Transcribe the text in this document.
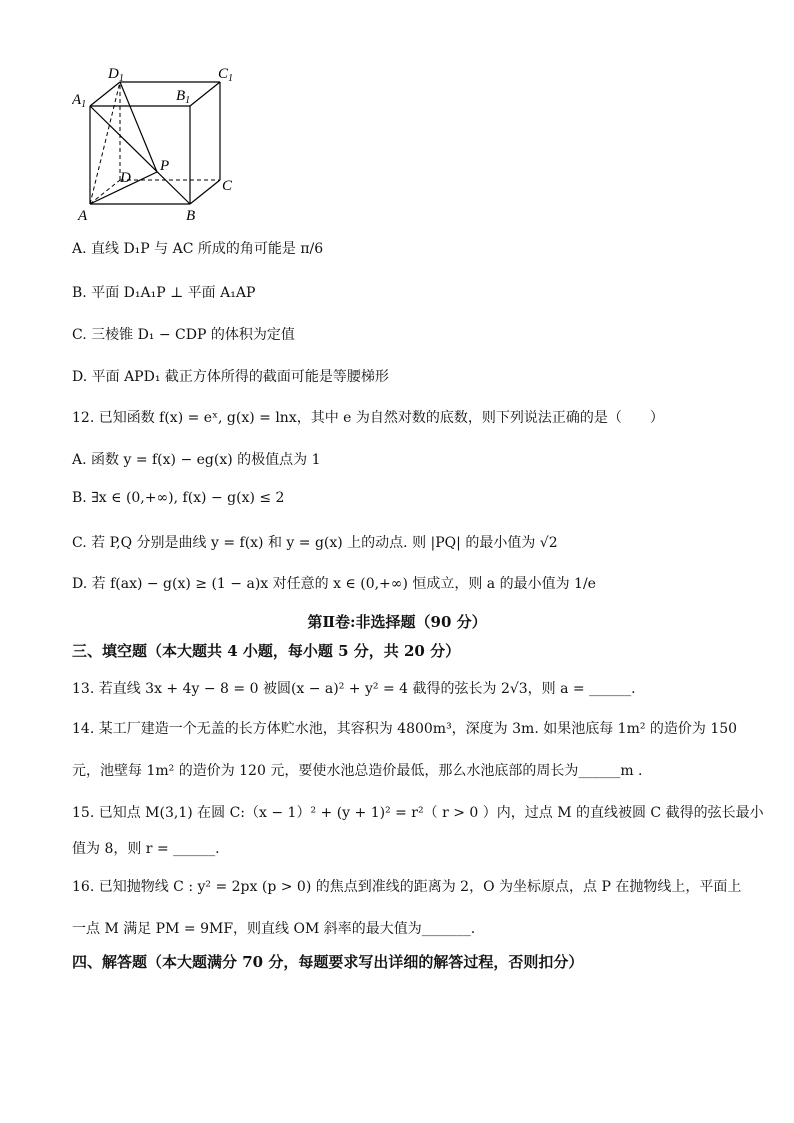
$D_1$	$C_1$
$A_1$
$B_1$
P
D	C
A	B
A. 直线 D₁P 与 AC 所成的角可能是 π/6
B. 平面 D₁A₁P ⊥ 平面 A₁AP
C. 三棱锥 D₁ − CDP 的体积为定值
D. 平面 APD₁ 截正方体所得的截面可能是等腰梯形
12. 已知函数 f(x) = eˣ, g(x) = lnx，其中 e 为自然对数的底数，则下列说法正确的是（　　）
A. 函数 y = f(x) − eg(x) 的极值点为 1
B. ∃x ∈ (0,+∞), f(x) − g(x) ≤ 2
C. 若 P,Q 分别是曲线 y = f(x) 和 y = g(x) 上的动点. 则 |PQ| 的最小值为 √2
D. 若 f(ax) − g(x) ≥ (1 − a)x 对任意的 x ∈ (0,+∞) 恒成立，则 a 的最小值为 1/e
第Ⅱ卷:非选择题（90 分）
三、填空题（本大题共 4 小题，每小题 5 分，共 20 分）
13. 若直线 3x + 4y − 8 = 0 被圆(x − a)² + y² = 4 截得的弦长为 2√3，则 a = ______.
14. 某工厂建造一个无盖的长方体贮水池，其容积为 4800m³，深度为 3m. 如果池底每 1m² 的造价为 150
元，池壁每 1m² 的造价为 120 元，要使水池总造价最低，那么水池底部的周长为______m .
15. 已知点 M(3,1) 在圆 C:（x − 1）² + (y + 1)² = r²（ r > 0 ）内，过点 M 的直线被圆 C 截得的弦长最小
值为 8，则 r = ______.
16. 已知抛物线 C : y² = 2px (p > 0) 的焦点到准线的距离为 2，O 为坐标原点，点 P 在抛物线上，平面上
一点 M 满足 PM = 9MF，则直线 OM 斜率的最大值为_______.
四、解答题（本大题满分 70 分，每题要求写出详细的解答过程，否则扣分）
